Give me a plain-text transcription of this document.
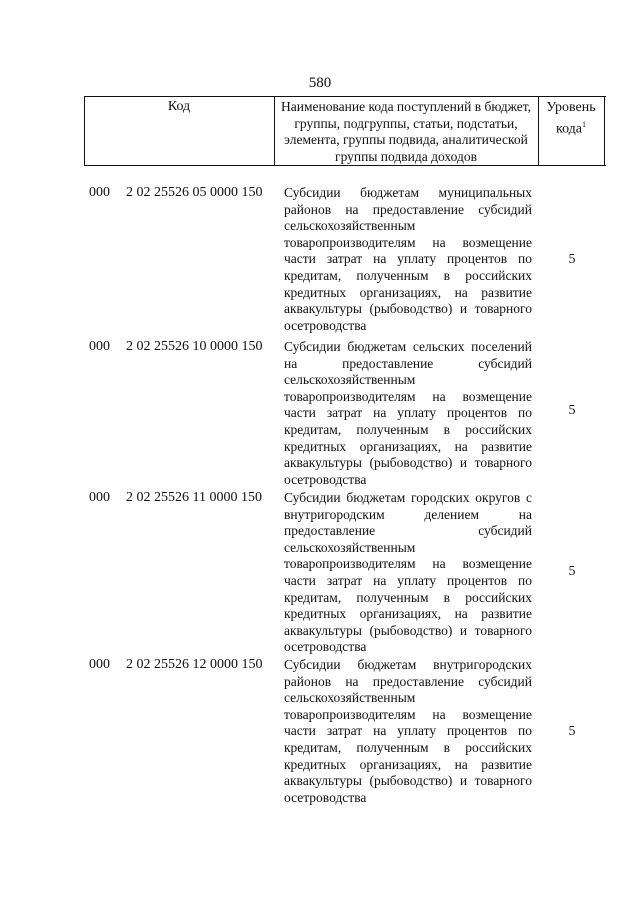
580
Код	Наименование кода поступлений в бюджет, группы, подгруппы, статьи, подстатьи, элемента, группы подвида, аналитической группы подвида доходов
Уровень кода$^1$
000 2 02 25526 05 0000 150 Субсидии бюджетам муниципальных районов на предоставление субсидий сельскохозяйственным товаропроизводителям на возмещение части затрат на уплату процентов по кредитам, полученным в российских кредитных организациях, на развитие аквакультуры (рыбоводство) и товарного осетроводства
5
000 2 02 25526 10 0000 150 Субсидии бюджетам сельских поселений на предоставление субсидий сельскохозяйственным товаропроизводителям на возмещение части затрат на уплату процентов по кредитам, полученным в российских кредитных организациях, на развитие аквакультуры (рыбоводство) и товарного осетроводства
5
000 2 02 25526 11 0000 150 Субсидии бюджетам городских округов с внутригородским делением на предоставление субсидий сельскохозяйственным товаропроизводителям на возмещение части затрат на уплату процентов по кредитам, полученным в российских кредитных организациях, на развитие аквакультуры (рыбоводство) и товарного осетроводства
5
000 2 02 25526 12 0000 150 Субсидии бюджетам внутригородских районов на предоставление субсидий сельскохозяйственным товаропроизводителям на возмещение части затрат на уплату процентов по кредитам, полученным в российских кредитных организациях, на развитие аквакультуры (рыбоводство) и товарного осетроводства
5
